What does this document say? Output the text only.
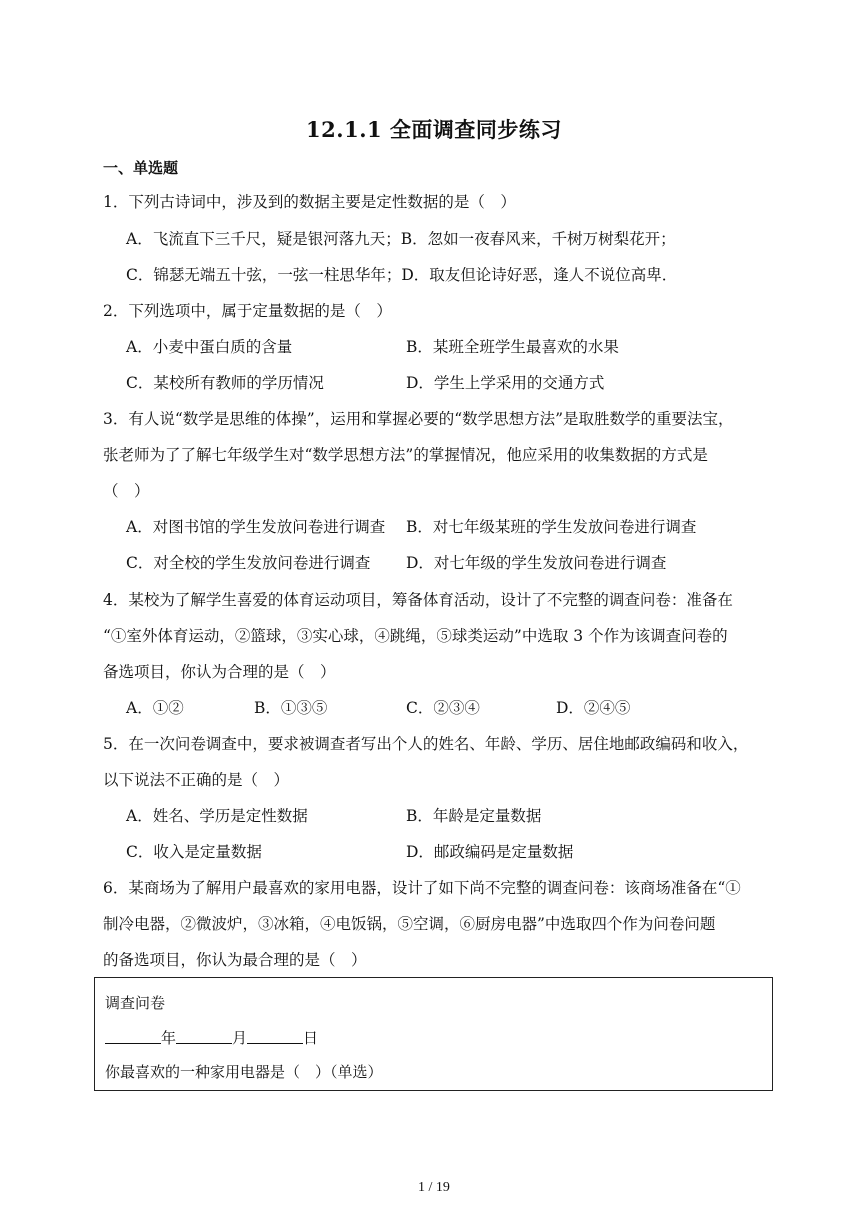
12.1.1 全面调查同步练习
一、单选题
1．下列古诗词中，涉及到的数据主要是定性数据的是（　）
A．飞流直下三千尺，疑是银河落九天；B．忽如一夜春风来，千树万树梨花开；
C．锦瑟无端五十弦，一弦一柱思华年；D．取友但论诗好恶，逢人不说位高卑．
2．下列选项中，属于定量数据的是（　）
A．小麦中蛋白质的含量	B．某班全班学生最喜欢的水果
C．某校所有教师的学历情况	D．学生上学采用的交通方式
3．有人说“数学是思维的体操”，运用和掌握必要的“数学思想方法”是取胜数学的重要法宝，
张老师为了了解七年级学生对“数学思想方法”的掌握情况，他应采用的收集数据的方式是
（　）
A．对图书馆的学生发放问卷进行调查 B．对七年级某班的学生发放问卷进行调查
C．对全校的学生发放问卷进行调查 D．对七年级的学生发放问卷进行调查
4．某校为了解学生喜爱的体育运动项目，筹备体育活动，设计了不完整的调查问卷：准备在
“①室外体育运动，②篮球，③实心球，④跳绳，⑤球类运动”中选取 3 个作为该调查问卷的
备选项目，你认为合理的是（　）
A．①②	B．①③⑤	C．②③④	D．②④⑤
5．在一次问卷调查中，要求被调查者写出个人的姓名、年龄、学历、居住地邮政编码和收入，
以下说法不正确的是（　）
A．姓名、学历是定性数据	B．年龄是定量数据
C．收入是定量数据	D．邮政编码是定量数据
6．某商场为了解用户最喜欢的家用电器，设计了如下尚不完整的调查问卷：该商场准备在“①
制冷电器，②微波炉，③冰箱，④电饭锅，⑤空调，⑥厨房电器”中选取四个作为问卷问题
的备选项目，你认为最合理的是（　）
调查问卷
年	月	日
你最喜欢的一种家用电器是（　）（单选）
1 / 19
